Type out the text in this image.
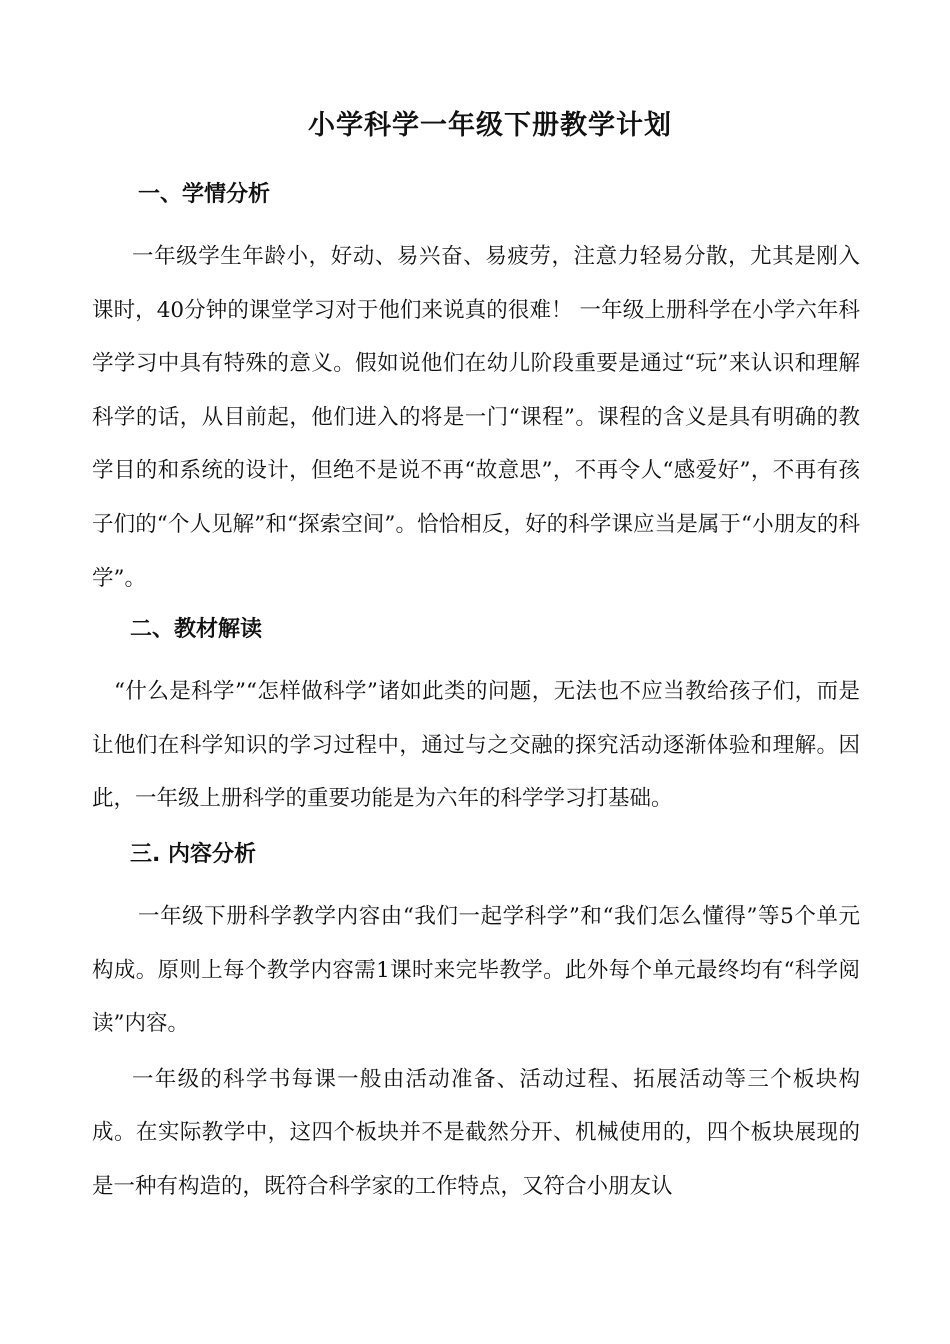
小学科学一年级下册教学计划
一、学情分析

一年级学生年龄小，好动、易兴奋、易疲劳，注意力轻易分散，尤其是刚入课时，40分钟的课堂学习对于他们来说真的很难！ 一年级上册科学在小学六年科学学习中具有特殊的意义。假如说他们在幼儿阶段重要是通过“玩”来认识和理解科学的话，从目前起，他们进入的将是一门“课程”。课程的含义是具有明确的教学目的和系统的设计，但绝不是说不再“故意思”，不再令人“感爱好”，不再有孩子们的“个人见解”和“探索空间”。恰恰相反，好的科学课应当是属于“小朋友的科学”。

二、教材解读

“什么是科学”“怎样做科学”诸如此类的问题，无法也不应当教给孩子们，而是让他们在科学知识的学习过程中，通过与之交融的探究活动逐渐体验和理解。因此，一年级上册科学的重要功能是为六年的科学学习打基础。

三. 内容分析

一年级下册科学教学内容由“我们一起学科学”和“我们怎么懂得”等5个单元构成。原则上每个教学内容需1课时来完毕教学。此外每个单元最终均有“科学阅读”内容。

一年级的科学书每课一般由活动准备、活动过程、拓展活动等三个板块构成。在实际教学中，这四个板块并不是截然分开、机械使用的，四个板块展现的是一种有构造的，既符合科学家的工作特点，又符合小朋友认
